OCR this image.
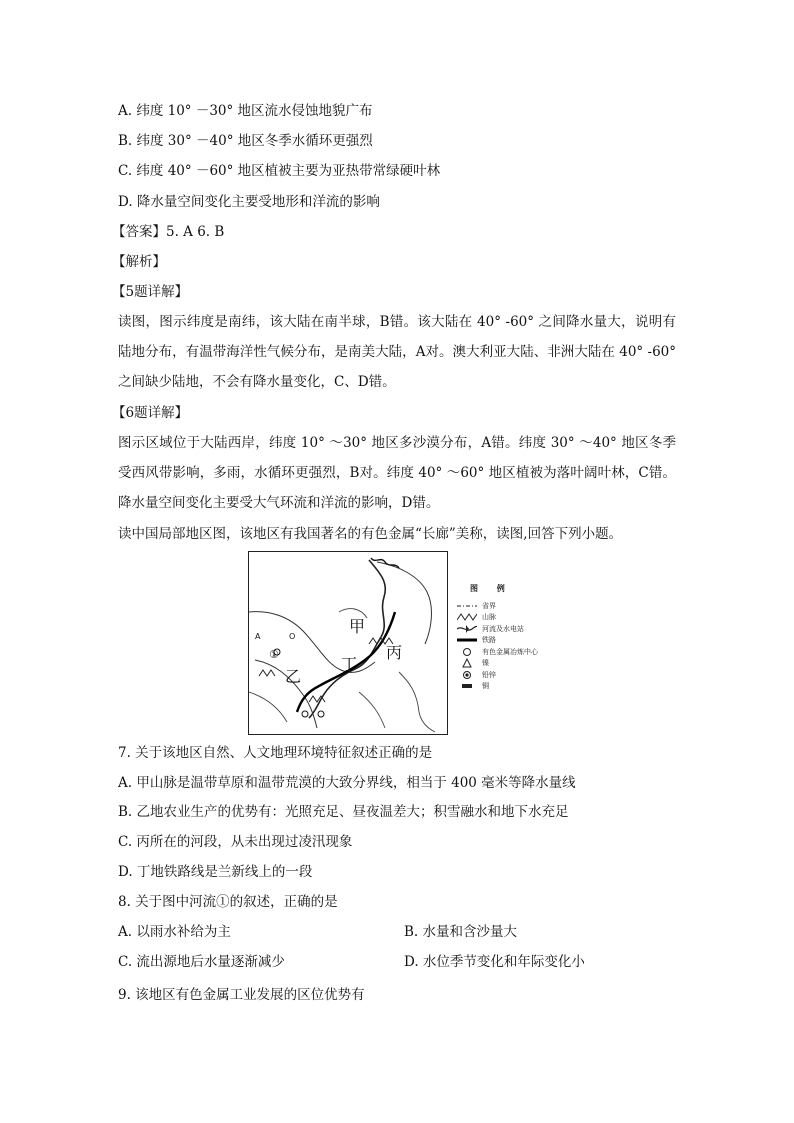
A. 纬度 10° －30° 地区流水侵蚀地貌广布
B. 纬度 30° －40° 地区冬季水循环更强烈
C. 纬度 40° －60° 地区植被主要为亚热带常绿硬叶林
D. 降水量空间变化主要受地形和洋流的影响
【答案】5. A 6. B
【解析】
【5题详解】
读图，图示纬度是南纬，该大陆在南半球，B错。该大陆在 40° -60° 之间降水量大，说明有陆地分布，有温带海洋性气候分布，是南美大陆，A对。澳大利亚大陆、非洲大陆在 40° -60° 之间缺少陆地，不会有降水量变化，C、D错。
【6题详解】
图示区域位于大陆西岸，纬度 10° ～30° 地区多沙漠分布，A错。纬度 30° ～40° 地区冬季受西风带影响，多雨，水循环更强烈，B对。纬度 40° ～60° 地区植被为落叶阔叶林，C错。降水量空间变化主要受大气环流和洋流的影响，D错。
读中国局部地区图，该地区有我国著名的有色金属“长廊”美称，读图,回答下列小题。
甲
乙
丙
丁
①
A	O
图 例
省界
山脉
河流及水电站
铁路
有色金属冶炼中心
镍
铅锌
铜
7. 关于该地区自然、人文地理环境特征叙述正确的是
A. 甲山脉是温带草原和温带荒漠的大致分界线，相当于 400 毫米等降水量线
B. 乙地农业生产的优势有：光照充足、昼夜温差大；积雪融水和地下水充足
C. 丙所在的河段，从未出现过凌汛现象
D. 丁地铁路线是兰新线上的一段
8. 关于图中河流①的叙述，正确的是
A. 以雨水补给为主	B. 水量和含沙量大
C. 流出源地后水量逐渐减少	D. 水位季节变化和年际变化小
9. 该地区有色金属工业发展的区位优势有
